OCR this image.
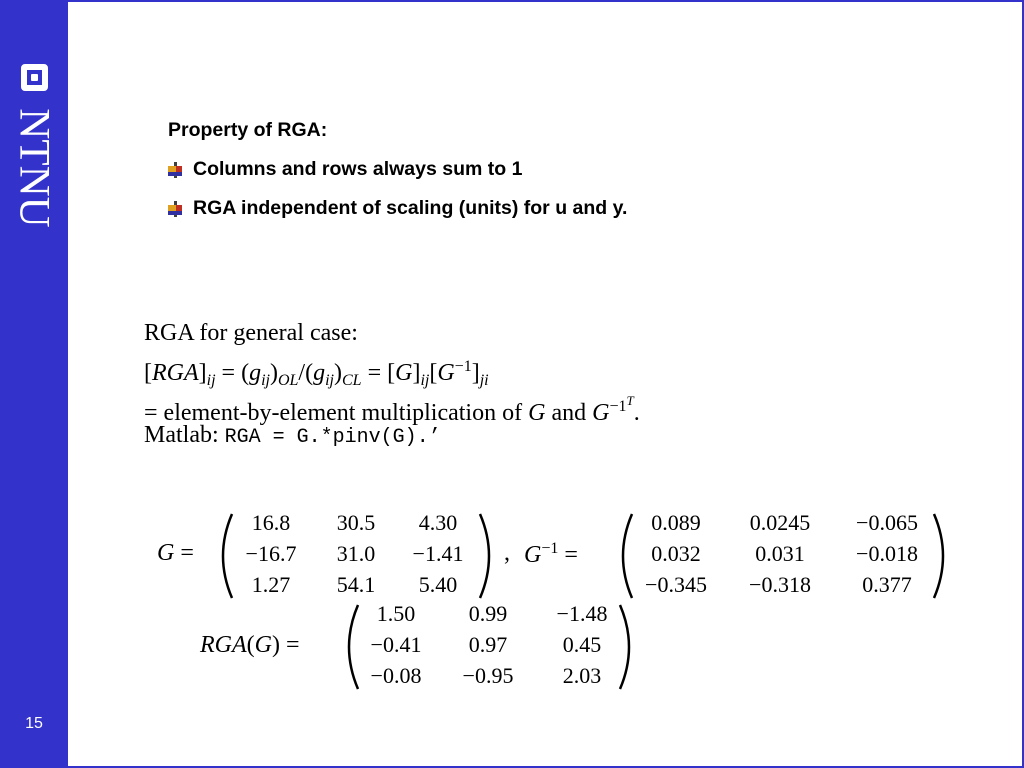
NTNU
15
Property of RGA:
Columns and rows always sum to 1
RGA independent of scaling (units) for u and y.
RGA for general case:
$[RGA]_{ij} = (g_{ij})_{OL}/(g_{ij})_{CL} = [G]_{ij}[G^{-1}]_{ji}$
= element-by-element multiplication of G and $G^{-1^T}$.
Matlab: RGA = G.*pinv(G).’
G =
16.8	30.5	4.30
−16.7	31.0	−1.41
1.27	54.1	5.40
, $G^{-1}$ =
0.089	0.0245	−0.065
0.032	0.031	−0.018
−0.345	−0.318	0.377
RGA(G) =
1.50	0.99	−1.48
−0.41	0.97	0.45
−0.08	−0.95	2.03
